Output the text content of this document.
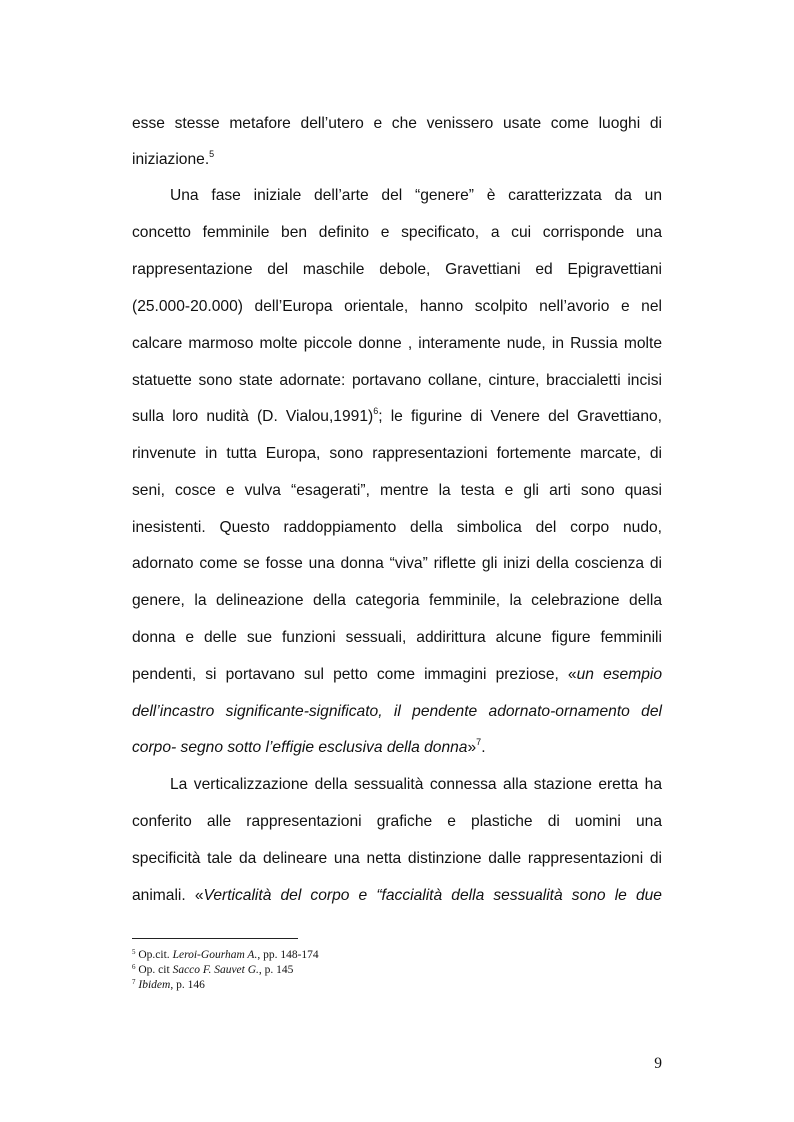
esse stesse metafore dell’utero e che venissero usate come luoghi di
iniziazione.$^5$
Una fase iniziale dell’arte del “genere” è caratterizzata da un
concetto femminile ben definito e specificato, a cui corrisponde una
rappresentazione del maschile debole, Gravettiani ed Epigravettiani
(25.000-20.000) dell’Europa orientale, hanno scolpito nell’avorio e nel
calcare marmoso molte piccole donne , interamente nude, in Russia molte
statuette sono state adornate: portavano collane, cinture, braccialetti incisi
sulla loro nudità (D. Vialou,1991)$^6$; le figurine di Venere del Gravettiano,
rinvenute in tutta Europa, sono rappresentazioni fortemente marcate, di
seni, cosce e vulva “esagerati”, mentre la testa e gli arti sono quasi
inesistenti. Questo raddoppiamento della simbolica del corpo nudo,
adornato come se fosse una donna “viva” riflette gli inizi della coscienza di
genere, la delineazione della categoria femminile, la celebrazione della
donna e delle sue funzioni sessuali, addirittura alcune figure femminili
pendenti, si portavano sul petto come immagini preziose, «un esempio
dell’incastro significante-significato, il pendente adornato-ornamento del
corpo- segno sotto l’effigie esclusiva della donna»$^7$.
La verticalizzazione della sessualità connessa alla stazione eretta ha
conferito alle rappresentazioni grafiche e plastiche di uomini una
specificità tale da delineare una netta distinzione dalle rappresentazioni di
animali. «Verticalità del corpo e “faccialità della sessualità sono le due
$^5$ Op.cit. Leroi-Gourham A., pp. 148-174
$^6$ Op. cit Sacco F. Sauvet G., p. 145
$^7$ Ibidem, p. 146
9
